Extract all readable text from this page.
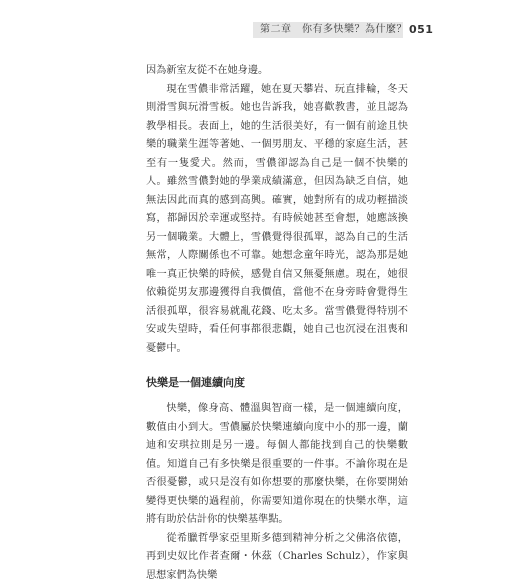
第二章　你有多快樂？為什麼？ 051

因為新室友從不在她身邊。

現在雪儂非常活躍，她在夏天攀岩、玩直排輪，冬天則滑雪與玩滑雪板。她也告訴我，她喜歡教書，並且認為教學相長。表面上，她的生活很美好，有一個有前途且快樂的職業生涯等著她、一個男朋友、平穩的家庭生活，甚至有一隻愛犬。然而，雪儂卻認為自己是一個不快樂的人。雖然雪儂對她的學業成績滿意，但因為缺乏自信，她無法因此而真的感到高興。確實，她對所有的成功輕描淡寫，都歸因於幸運或堅持。有時候她甚至會想，她應該換另一個職業。大體上，雪儂覺得很孤單，認為自己的生活無常，人際關係也不可靠。她想念童年時光，認為那是她唯一真正快樂的時候，感覺自信又無憂無慮。現在，她很依賴從男友那邊獲得自我價值，當他不在身旁時會覺得生活很孤單，很容易就亂花錢、吃太多。當雪儂覺得特別不安或失望時，看任何事都很悲觀，她自己也沉浸在沮喪和憂鬱中。

快樂是一個連續向度

快樂，像身高、體溫與智商一樣，是一個連續向度，數值由小到大。雪儂屬於快樂連續向度中小的那一邊，蘭迪和安琪拉則是另一邊。每個人都能找到自己的快樂數值。知道自己有多快樂是很重要的一件事。不論你現在是否很憂鬱，或只是沒有如你想要的那麼快樂，在你要開始變得更快樂的過程前，你需要知道你現在的快樂水準，這將有助於估計你的快樂基準點。

從希臘哲學家亞里斯多德到精神分析之父佛洛依德，再到史奴比作者查爾・休茲（Charles Schulz），作家與思想家們為快樂
